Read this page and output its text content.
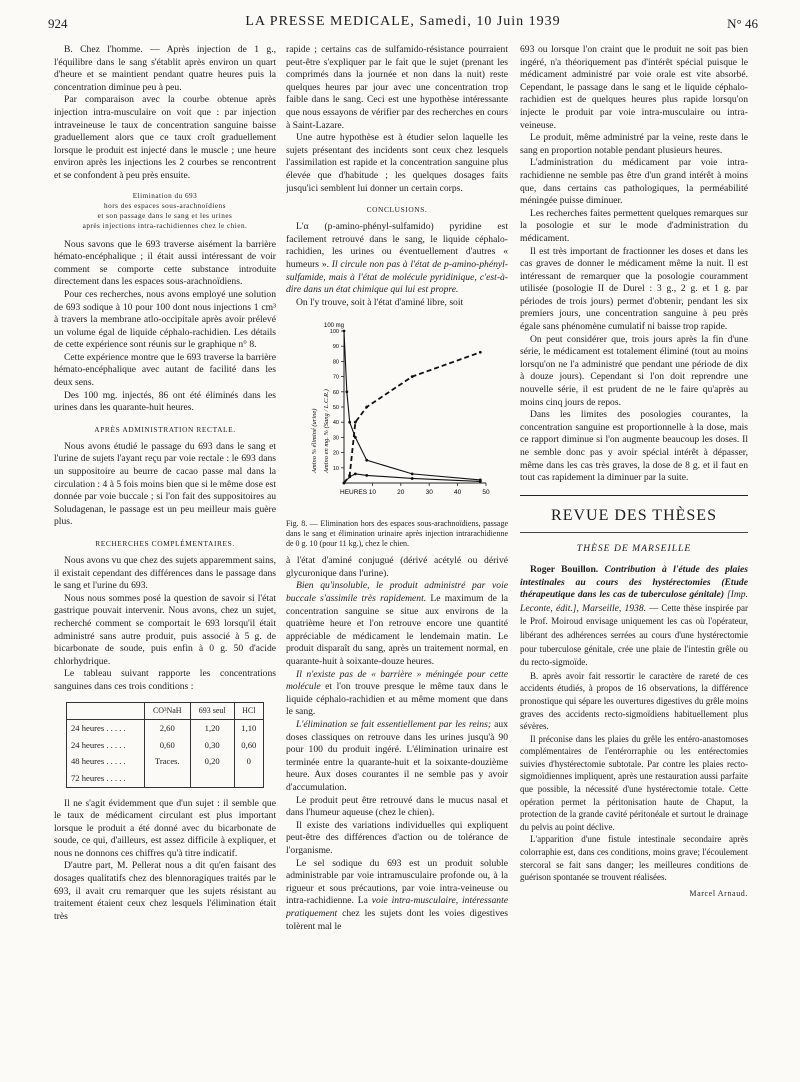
924	LA PRESSE MEDICALE, Samedi, 10 Juin 1939	N° 46

B. Chez l'homme. — Après injection de 1 g., l'équilibre dans le sang s'établit après environ un quart d'heure et se maintient pendant quatre heures puis la concentration diminue peu à peu.

Par comparaison avec la courbe obtenue après injection intra-musculaire on voit que : par injection intraveineuse le taux de concentration sanguine baisse graduellement alors que ce taux croît graduellement lorsque le produit est injecté dans le muscle ; une heure environ après les injections les 2 courbes se rencontrent et se confondent à peu près ensuite.

Elimination du 693
hors des espaces sous-arachnoïdiens
et son passage dans le sang et les urines
après injections intra-rachidiennes chez le chien.

Nous savons que le 693 traverse aisément la barrière hémato-encéphalique ; il était aussi intéressant de voir comment se comporte cette substance introduite directement dans les espaces sous-arachnoïdiens.

Pour ces recherches, nous avons employé une solution de 693 sodique à 10 pour 100 dont nous injections 1 cm³ à travers la membrane atlo-occipitale après avoir prélevé un volume égal de liquide céphalo-rachidien. Les détails de cette expérience sont réunis sur le graphique n° 8.

Cette expérience montre que le 693 traverse la barrière hémato-encéphalique avec autant de facilité dans les deux sens.

Des 100 mg. injectés, 86 ont été éliminés dans les urines dans les quarante-huit heures.

APRÈS ADMINISTRATION RECTALE.

Nous avons étudié le passage du 693 dans le sang et l'urine de sujets l'ayant reçu par voie rectale : le 693 dans un suppositoire au beurre de cacao passe mal dans la circulation : 4 à 5 fois moins bien que si le même dose est donnée par voie buccale ; si l'on fait des suppositoires au Soludagenan, le passage est un peu meilleur mais guère plus.

RECHERCHES COMPLÉMENTAIRES.

Nous avons vu que chez des sujets apparemment sains, il existait cependant des différences dans le passage dans le sang et l'urine du 693.

Nous nous sommes posé la question de savoir si l'état gastrique pouvait intervenir. Nous avons, chez un sujet, recherché comment se comportait le 693 lorsqu'il était administré sans autre produit, puis associé à 5 g. de bicarbonate de soude, puis enfin à 0 g. 50 d'acide chlorhydrique.

Le tableau suivant rapporte les concentrations sanguines dans ces trois conditions :

	CO³NaH	693 seul	HCl
24 heures . . . . .	2,60	1,20	1,10
24 heures . . . . .	0,60	0,30	0,60
48 heures . . . . .	Traces.	0,20	0
72 heures . . . . .			

Il ne s'agit évidemment que d'un sujet : il semble que le taux de médicament circulant est plus important lorsque le produit a été donné avec du bicarbonate de soude, ce qui, d'ailleurs, est assez difficile à expliquer, et nous ne donnons ces chiffres qu'à titre indicatif.

D'autre part, M. Pellerat nous a dit qu'en faisant des dosages qualitatifs chez des blennoragiques traités par le 693, il avait cru remarquer que les sujets résistant au traitement étaient ceux chez lesquels l'élimination était très

rapide ; certains cas de sulfamido-résistance pourraient peut-être s'expliquer par le fait que le sujet (prenant les comprimés dans la journée et non dans la nuit) reste quelques heures par jour avec une concentration trop faible dans le sang. Ceci est une hypothèse intéressante que nous essayons de vérifier par des recherches en cours à Saint-Lazare.

Une autre hypothèse est à étudier selon laquelle les sujets présentant des incidents sont ceux chez lesquels l'assimilation est rapide et la concentration sanguine plus élevée que d'habitude ; les quelques dosages faits jusqu'ici semblent lui donner un certain corps.

CONCLUSIONS.

L'α (p-amino-phényl-sulfamido) pyridine est facilement retrouvé dans le sang, le liquide céphalo-rachidien, les urines ou éventuellement d'autres « humeurs ». Il circule non pas à l'état de p-amino-phényl-sulfamide, mais à l'état de molécule pyridinique, c'est-à-dire dans un état chimique qui lui est propre.

On l'y trouve, soit à l'état d'aminé libre, soit

10	20	30	40	50
10
20
30
40
50
60
70
80
90
100
HEURES
100 mg
Amino % éliminé (urine) Amino en mg. % (Sang / L.C.R.)
Fig. 8. — Elimination hors des espaces sous-arachnoïdiens, passage dans le sang et élimination urinaire après injection intrarachidienne de 0 g. 10 (pour 11 kg.), chez le chien.

à l'état d'aminé conjugué (dérivé acétylé ou dérivé glycuronique dans l'urine).

Bien qu'insoluble, le produit administré par voie buccale s'assimile très rapidement. Le maximum de la concentration sanguine se situe aux environs de la quatrième heure et l'on retrouve encore une quantité appréciable de médicament le lendemain matin. Le produit disparaît du sang, après un traitement normal, en quarante-huit à soixante-douze heures.

Il n'existe pas de « barrière » méningée pour cette molécule et l'on trouve presque le même taux dans le liquide céphalo-rachidien et au même moment que dans le sang.

L'élimination se fait essentiellement par les reins; aux doses classiques on retrouve dans les urines jusqu'à 90 pour 100 du produit ingéré. L'élimination urinaire est terminée entre la quarante-huit et la soixante-douzième heure. Aux doses courantes il ne semble pas y avoir d'accumulation.

Le produit peut être retrouvé dans le mucus nasal et dans l'humeur aqueuse (chez le chien).

Il existe des variations individuelles qui expliquent peut-être des différences d'action ou de tolérance de l'organisme.

Le sel sodique du 693 est un produit soluble administrable par voie intramusculaire profonde ou, à la rigueur et sous précautions, par voie intra-veineuse ou intra-rachidienne. La voie intra-musculaire, intéressante pratiquement chez les sujets dont les voies digestives tolèrent mal le

693 ou lorsque l'on craint que le produit ne soit pas bien ingéré, n'a théoriquement pas d'intérêt spécial puisque le médicament administré par voie orale est vite absorbé. Cependant, le passage dans le sang et le liquide céphalo-rachidien est de quelques heures plus rapide lorsqu'on injecte le produit par voie intra-musculaire ou intra-veineuse.

Le produit, même administré par la veine, reste dans le sang en proportion notable pendant plusieurs heures.

L'administration du médicament par voie intra-rachidienne ne semble pas être d'un grand intérêt à moins que, dans certains cas pathologiques, la perméabilité méningée puisse diminuer.

Les recherches faites permettent quelques remarques sur la posologie et sur le mode d'administration du médicament.

Il est très important de fractionner les doses et dans les cas graves de donner le médicament même la nuit. Il est intéressant de remarquer que la posologie couramment utilisée (posologie II de Durel : 3 g., 2 g. et 1 g. par périodes de trois jours) permet d'obtenir, pendant les six premiers jours, une concentration sanguine à peu près égale sans phénomène cumulatif ni baisse trop rapide.

On peut considérer que, trois jours après la fin d'une série, le médicament est totalement éliminé (tout au moins lorsqu'on ne l'a administré que pendant une période de dix à douze jours). Cependant si l'on doit reprendre une nouvelle série, il est prudent de ne le faire qu'après au moins cinq jours de repos.

Dans les limites des posologies courantes, la concentration sanguine est proportionnelle à la dose, mais ce rapport diminue si l'on augmente beaucoup les doses. Il ne semble donc pas y avoir spécial intérêt à dépasser, même dans les cas très graves, la dose de 8 g. et il faut en tout cas rapidement la diminuer par la suite.

REVUE DES THÈSES
THÈSE DE MARSEILLE

Roger Bouillon. Contribution à l'étude des plaies intestinales au cours des hystérectomies (Etude thérapeutique dans les cas de tuberculose génitale) [Imp. Leconte, édit.], Marseille, 1938. — Cette thèse inspirée par le Prof. Moiroud envisage uniquement les cas où l'opérateur, libérant des adhérences serrées au cours d'une hystérectomie pour tuberculose génitale, crée une plaie de l'intestin grêle ou du recto-sigmoïde.

B. après avoir fait ressortir le caractère de rareté de ces accidents étudiés, à propos de 16 observations, la différence pronostique qui sépare les ouvertures digestives du grêle moins graves des accidents recto-sigmoïdiens habituellement plus sévères.

Il préconise dans les plaies du grêle les entéro-anastomoses complémentaires de l'entérorraphie ou les entérectomies suivies d'hystérectomie subtotale. Par contre les plaies recto-sigmoïdiennes impliquent, après une restauration aussi parfaite que possible, la nécessité d'une hystérectomie totale. Cette opération permet la péritonisation haute de Chaput, la protection de la grande cavité péritonéale et surtout le drainage du pelvis au point déclive.

L'apparition d'une fistule intestinale secondaire après colorraphie est, dans ces conditions, moins grave; l'écoulement stercoral se fait sans danger; les meilleures conditions de guérison spontanée se trouvent réalisées.

Marcel Arnaud.
